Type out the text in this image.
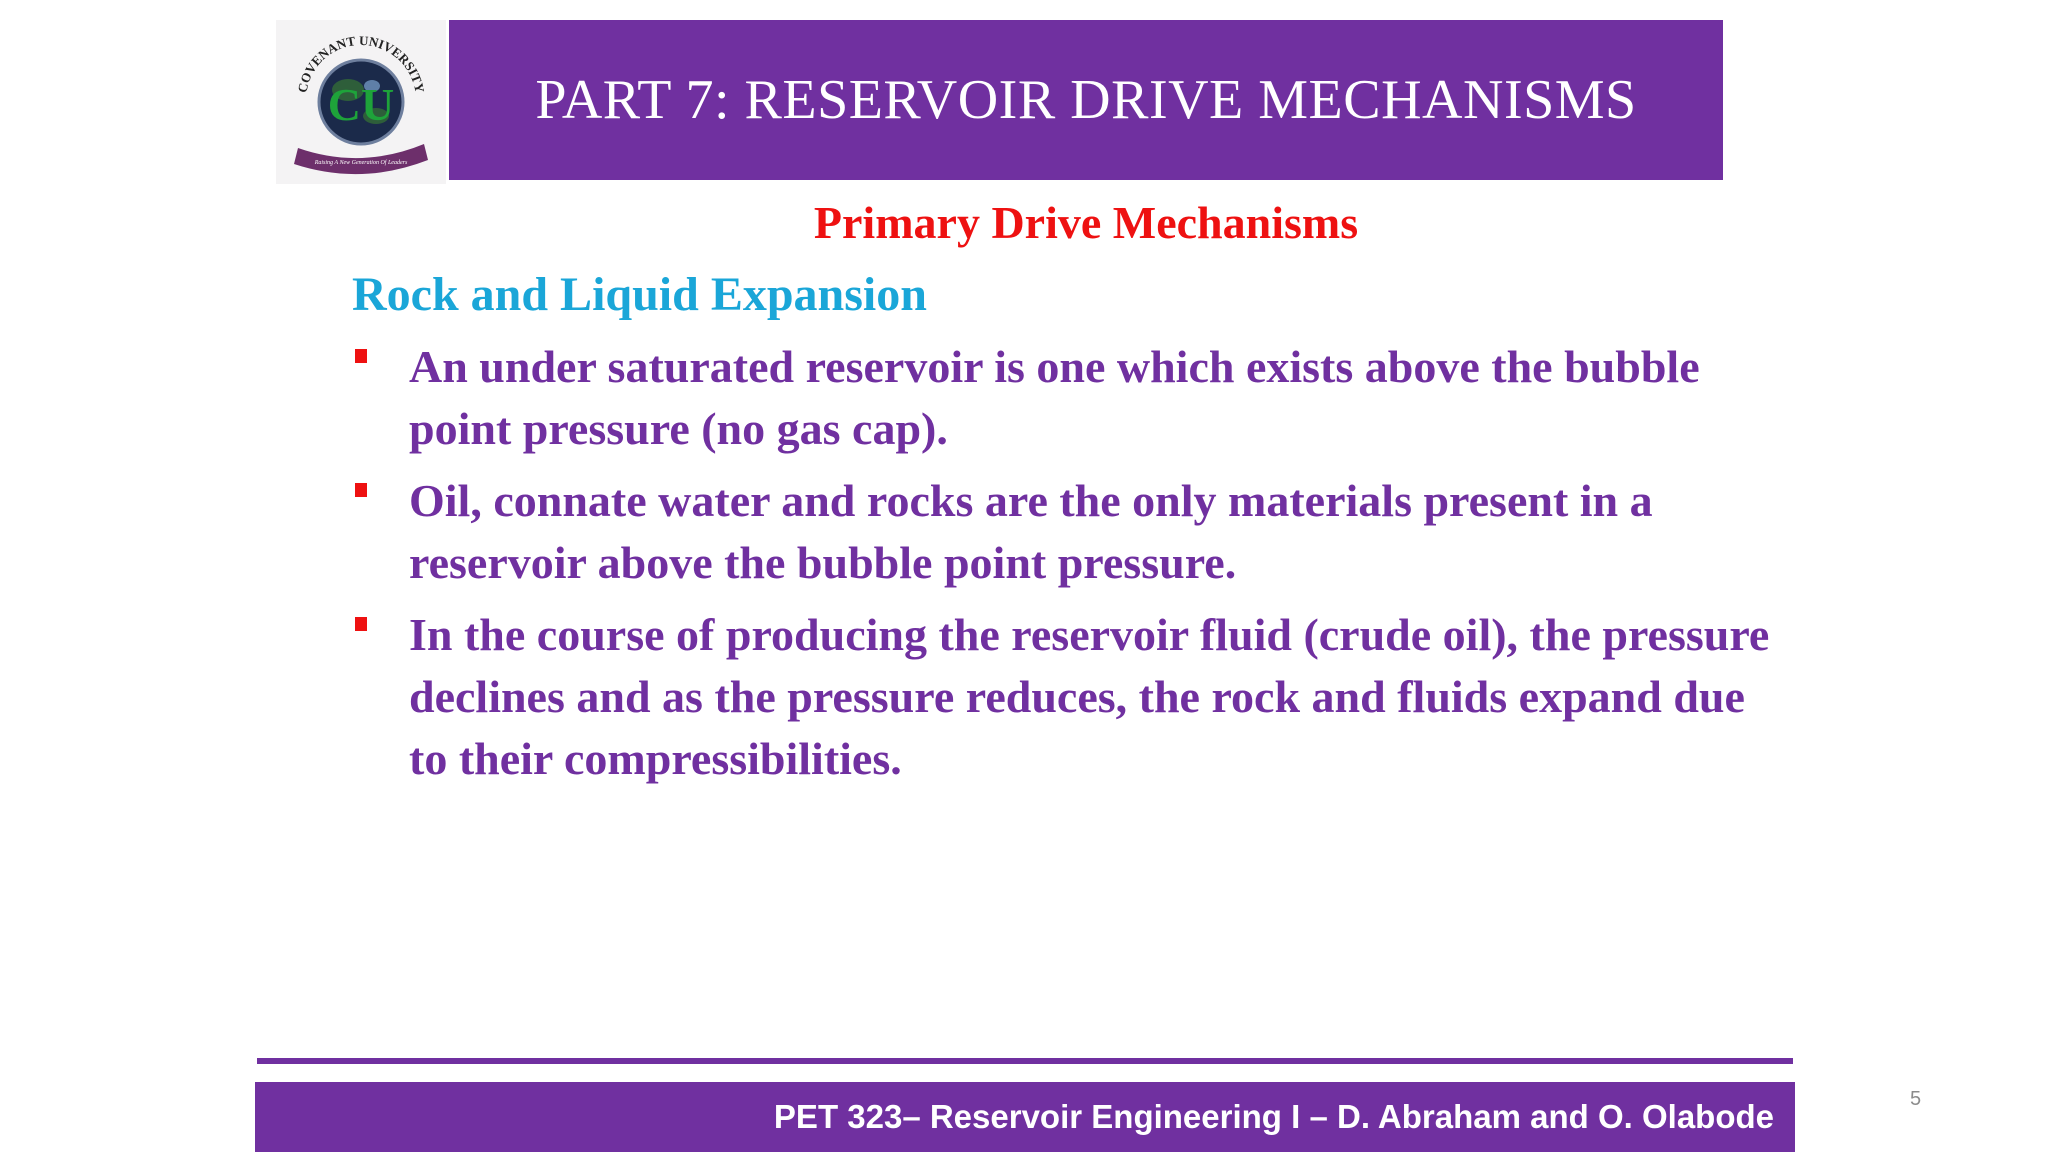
COVENANT UNIVERSITY
CU
Raising A New Generation Of Leaders
PART 7: RESERVOIR DRIVE MECHANISMS
Primary Drive Mechanisms
Rock and Liquid Expansion
An under saturated reservoir is one which exists above the bubble point pressure (no gas cap).
Oil, connate water and rocks are the only materials present in a reservoir above the bubble point pressure.
In the course of producing the reservoir fluid (crude oil), the pressure declines and as the pressure reduces, the rock and fluids expand due to their compressibilities.
PET 323– Reservoir Engineering I – D. Abraham and O. Olabode	5
